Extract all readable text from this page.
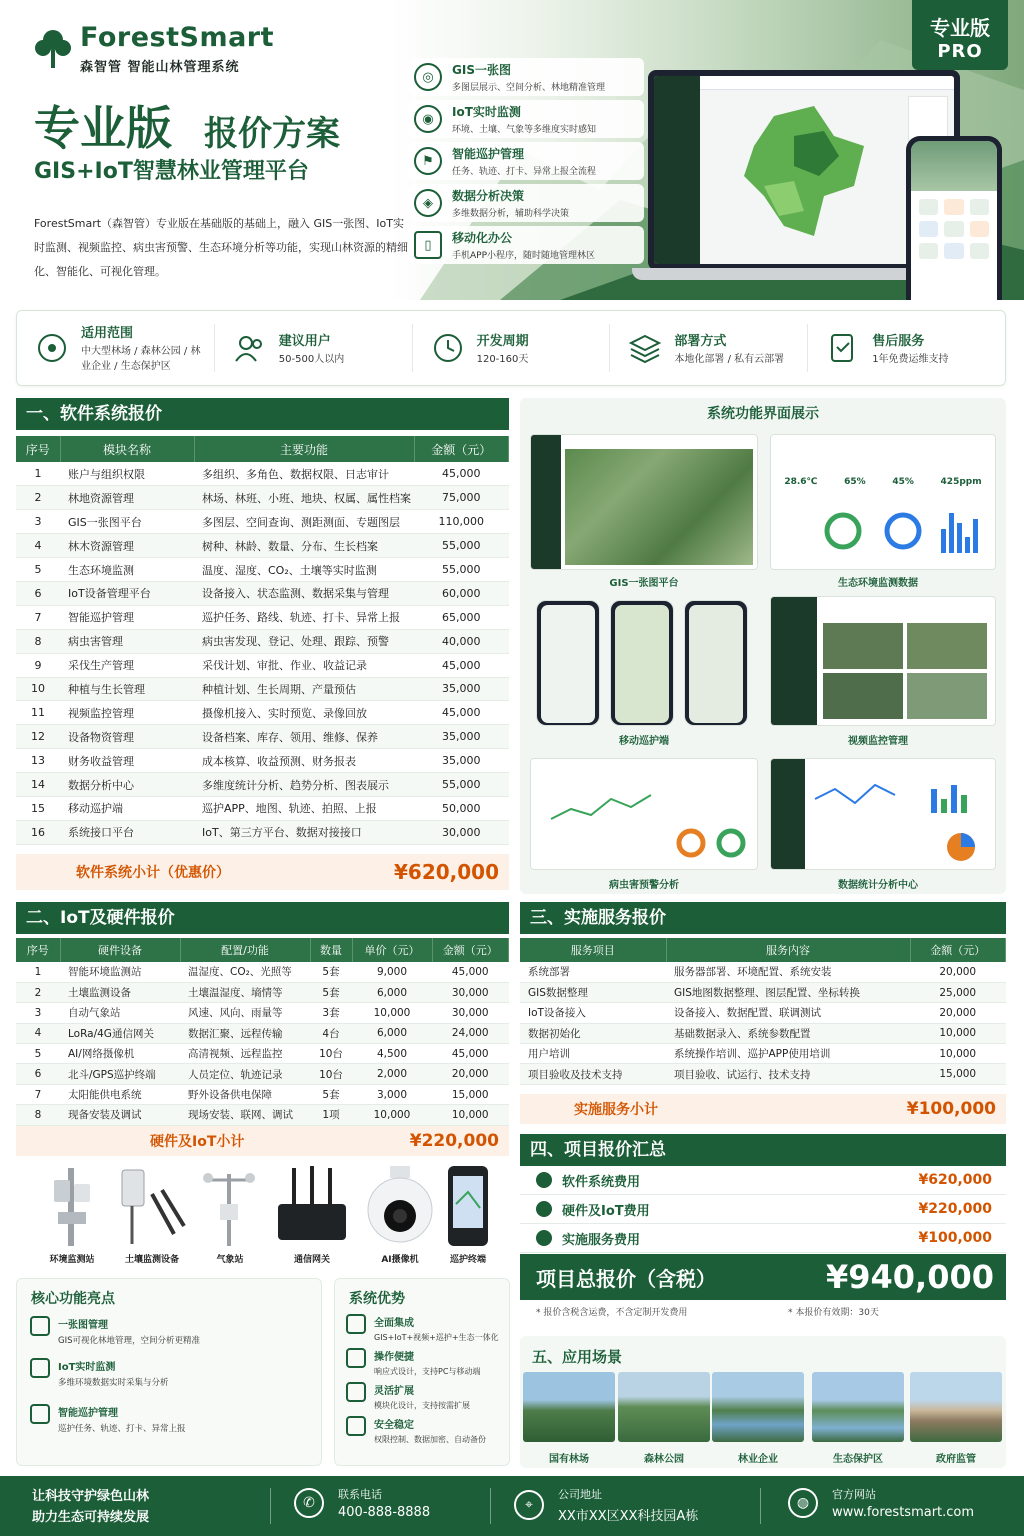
ForestSmart
森智管 智能山林管理系统
专业版
PRO
专业版 报价方案
GIS+IoT智慧林业管理平台
ForestSmart（森智管）专业版在基础版的基础上，融入 GIS一张图、IoT实时监测、视频监控、病虫害预警、生态环境分析等功能，实现山林资源的精细化、智能化、可视化管理。
◎	GIS一张图
多图层展示、空间分析、林地精准管理
◉	IoT实时监测
环境、土壤、气象等多维度实时感知
⚑	智能巡护管理
任务、轨迹、打卡、异常上报全流程
◈	数据分析决策
多维数据分析，辅助科学决策
▯	移动化办公
手机APP小程序，随时随地管理林区
适用范围
中大型林场 / 森林公园 / 林业企业 / 生态保护区
建议用户
50-500人以内
开发周期
120-160天
部署方式
本地化部署 / 私有云部署
售后服务
1年免费运维支持
一、软件系统报价
序号	模块名称	主要功能	金额（元）
1	账户与组织权限	多组织、多角色、数据权限、日志审计	45,000
2	林地资源管理	林场、林班、小班、地块、权属、属性档案	75,000
3	GIS一张图平台	多图层、空间查询、测距测面、专题图层	110,000
4	林木资源管理	树种、林龄、数量、分布、生长档案	55,000
5	生态环境监测	温度、湿度、CO₂、土壤等实时监测	55,000
6	IoT设备管理平台	设备接入、状态监测、数据采集与管理	60,000
7	智能巡护管理	巡护任务、路线、轨迹、打卡、异常上报	65,000
8	病虫害管理	病虫害发现、登记、处理、跟踪、预警	40,000
9	采伐生产管理	采伐计划、审批、作业、收益记录	45,000
10	种植与生长管理	种植计划、生长周期、产量预估	35,000
11	视频监控管理	摄像机接入、实时预览、录像回放	45,000
12	设备物资管理	设备档案、库存、领用、维修、保养	35,000
13	财务收益管理	成本核算、收益预测、财务报表	35,000
14	数据分析中心	多维度统计分析、趋势分析、图表展示	55,000
15	移动巡护端	巡护APP、地图、轨迹、拍照、上报	50,000
16	系统接口平台	IoT、第三方平台、数据对接接口	30,000
软件系统小计（优惠价）	¥620,000
系统功能界面展示
GIS一张图平台
28.6℃	65%	45%	425ppm
生态环境监测数据
移动巡护端	视频监控管理
病虫害预警分析	数据统计分析中心
二、IoT及硬件报价
序号	硬件设备	配置/功能	数量	单价（元）	金额（元）
1	智能环境监测站	温湿度、CO₂、光照等	5套	9,000	45,000
2	土壤监测设备	土壤温湿度、墒情等	5套	6,000	30,000
3	自动气象站	风速、风向、雨量等	3套	10,000	30,000
4	LoRa/4G通信网关	数据汇聚、远程传输	4台	6,000	24,000
5	AI/网络摄像机	高清视频、远程监控	10台	4,500	45,000
6	北斗/GPS巡护终端	人员定位、轨迹记录	10台	2,000	20,000
7	太阳能供电系统	野外设备供电保障	5套	3,000	15,000
8	现备安装及调试	现场安装、联网、调试	1项	10,000	10,000
硬件及IoT小计	¥220,000
环境监测站	土壤监测设备	气象站	通信网关	AI摄像机	巡护终端
三、实施服务报价
服务项目	服务内容	金额（元）
系统部署	服务器部署、环境配置、系统安装	20,000
GIS数据整理	GIS地图数据整理、图层配置、坐标转换	25,000
IoT设备接入	设备接入、数据配置、联调测试	20,000
数据初始化	基础数据录入、系统参数配置	10,000
用户培训	系统操作培训、巡护APP使用培训	10,000
项目验收及技术支持	项目验收、试运行、技术支持	15,000
实施服务小计	¥100,000
四、项目报价汇总
软件系统费用	¥620,000
硬件及IoT费用	¥220,000
实施服务费用	¥100,000
项目总报价（含税）	¥940,000
* 报价含税含运费，不含定制开发费用	* 本报价有效期：30天
五、应用场景
国有林场	森林公园	林业企业	生态保护区	政府监管
核心功能亮点
一张图管理
GIS可视化林地管理，空间分析更精准
IoT实时监测
多维环境数据实时采集与分析
智能巡护管理
巡护任务、轨迹、打卡、异常上报
系统优势
全面集成
GIS+IoT+视频+巡护+生态一体化
操作便捷
响应式设计，支持PC与移动端
灵活扩展
模块化设计，支持按需扩展
安全稳定
权限控制、数据加密、自动备份
让科技守护绿色山林
助力生态可持续发展
✆
联系电话
400-888-8888	⌖
公司地址
XX市XX区XX科技园A栋
◍
官方网站
www.forestsmart.com
